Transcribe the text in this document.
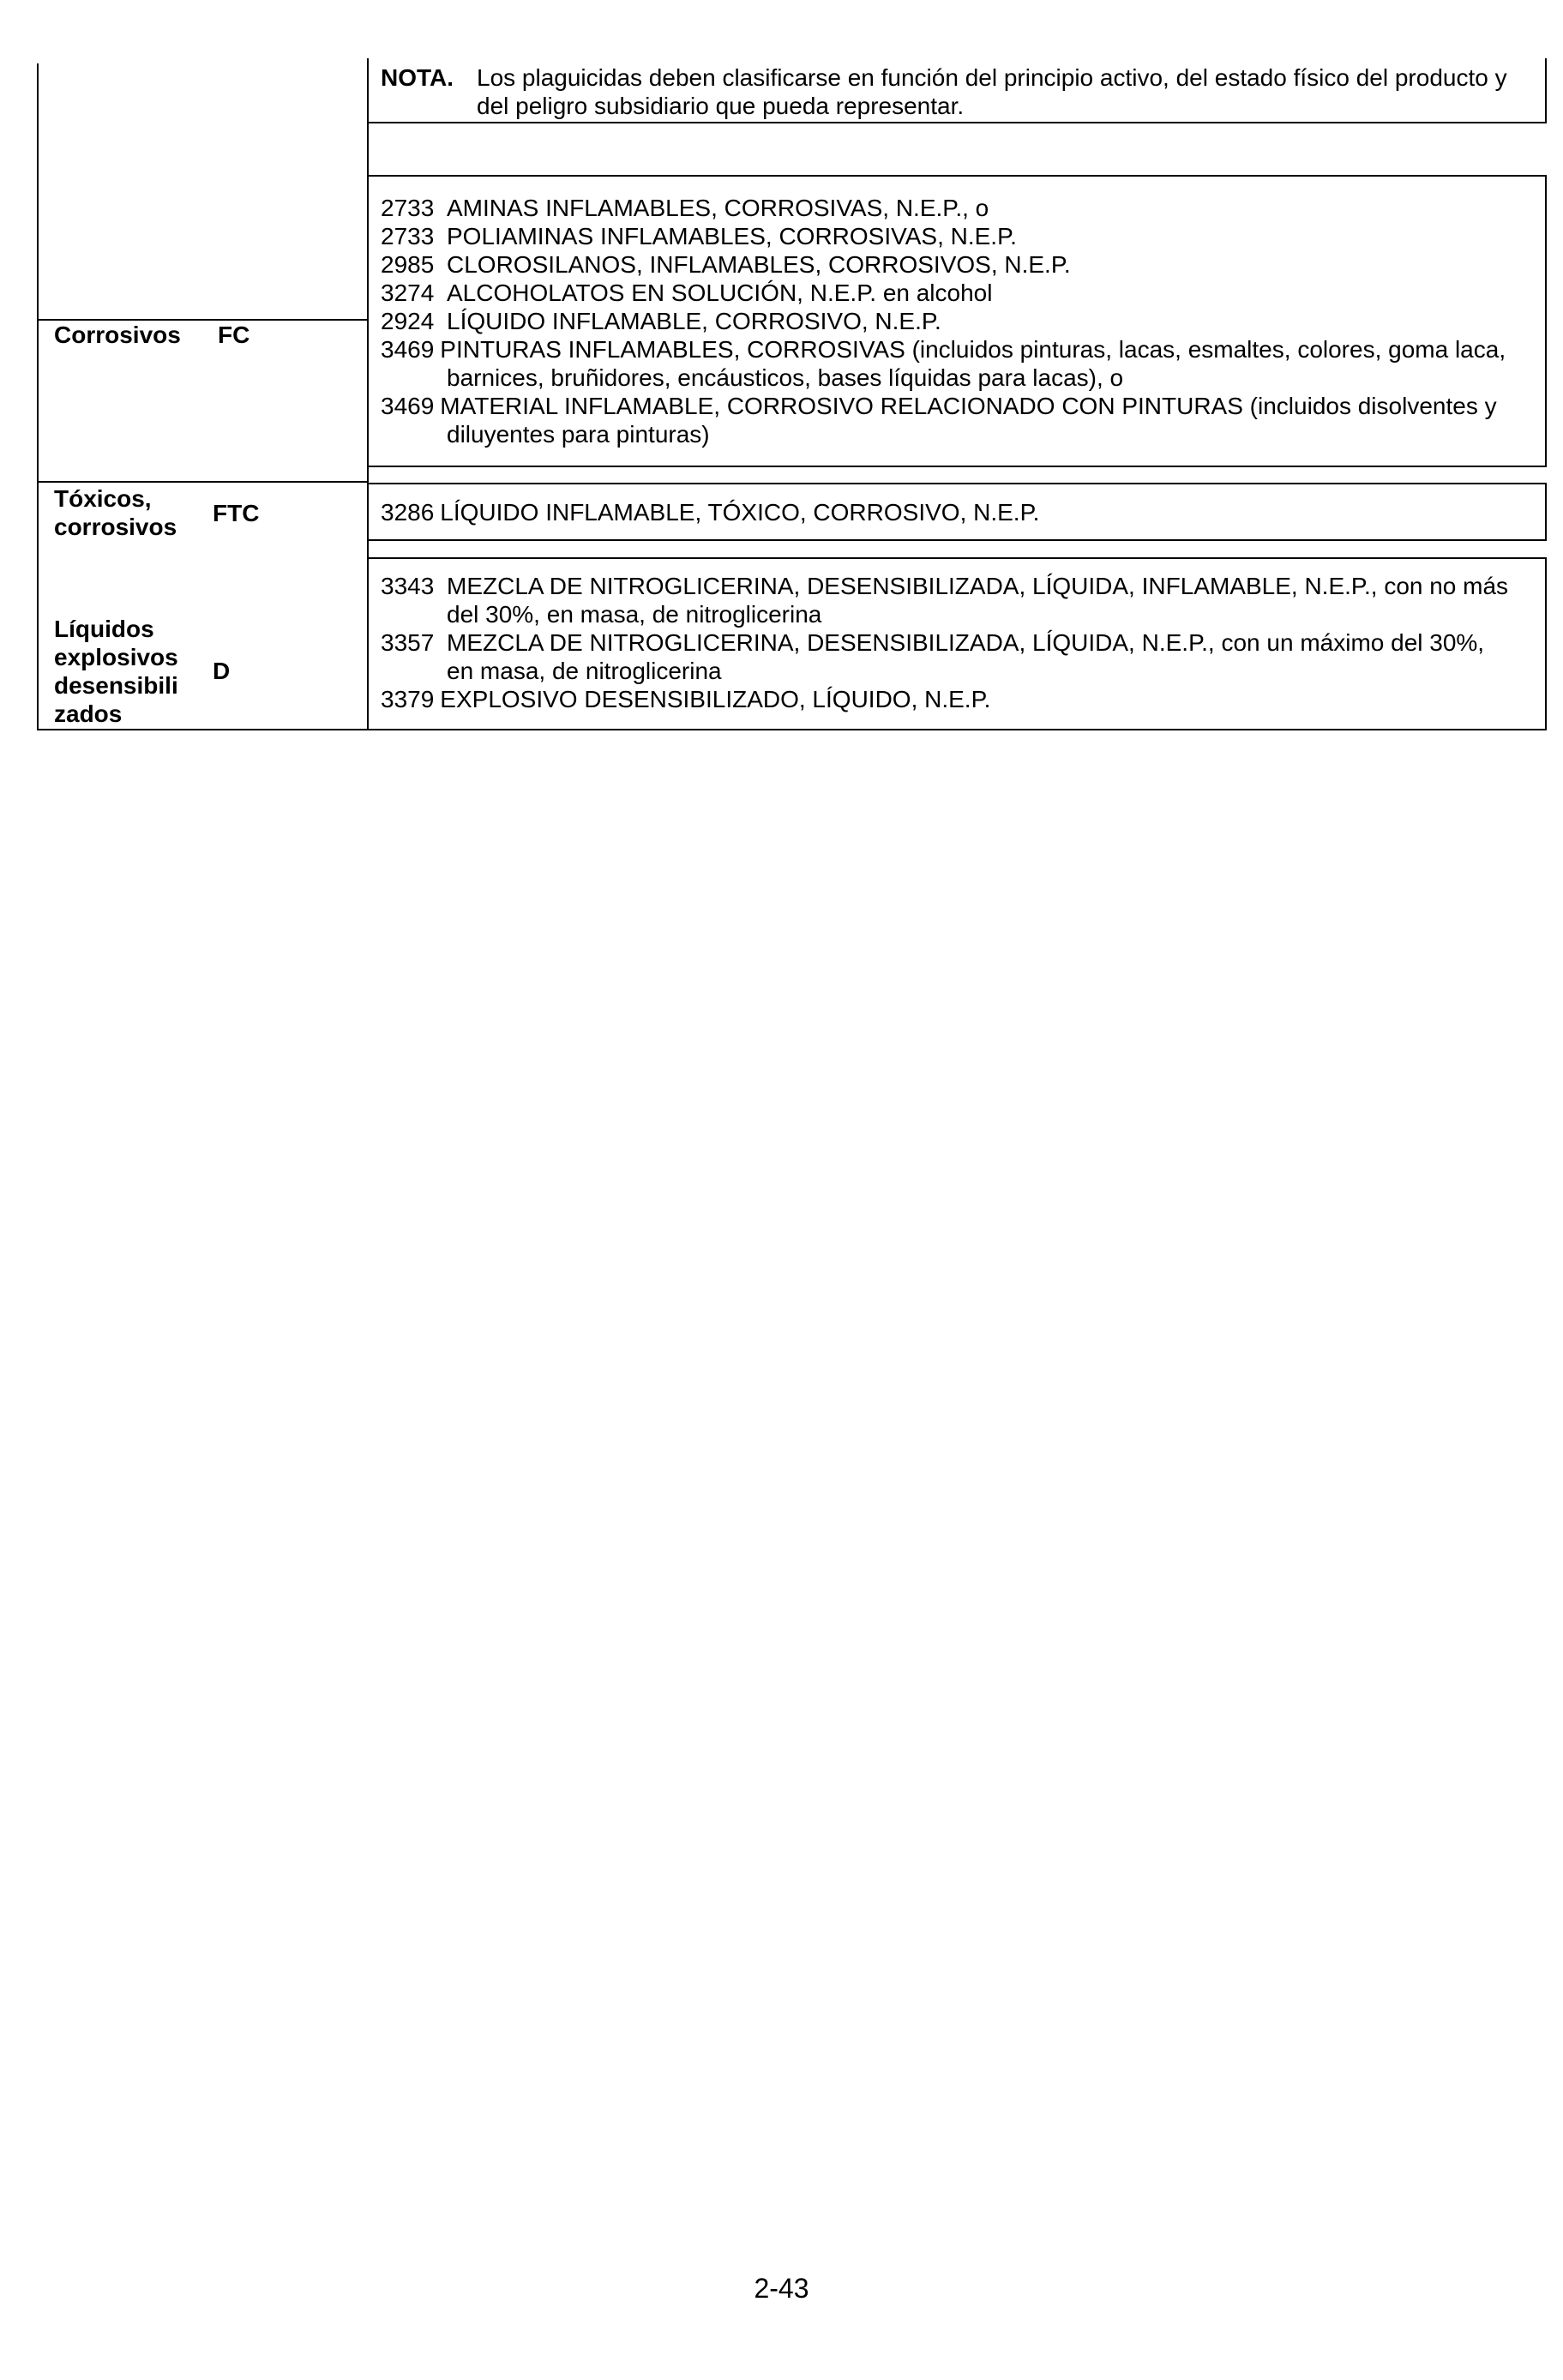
NOTA. Los plaguicidas deben clasificarse en función del principio activo, del estado físico del producto y del peligro subsidiario que pueda representar.
Corrosivos FC
2733 AMINAS INFLAMABLES, CORROSIVAS, N.E.P., o
2733 POLIAMINAS INFLAMABLES, CORROSIVAS, N.E.P.
2985 CLOROSILANOS, INFLAMABLES, CORROSIVOS, N.E.P.
3274 ALCOHOLATOS EN SOLUCIÓN, N.E.P. en alcohol
2924 LÍQUIDO INFLAMABLE, CORROSIVO, N.E.P.
3469 PINTURAS INFLAMABLES, CORROSIVAS (incluidos pinturas, lacas, esmaltes, colores, goma laca,
barnices, bruñidores, encáusticos, bases líquidas para lacas), o
3469 MATERIAL INFLAMABLE, CORROSIVO RELACIONADO CON PINTURAS (incluidos disolventes y
diluyentes para pinturas)
Tóxicos, corrosivos
FTC	3286 LÍQUIDO INFLAMABLE, TÓXICO, CORROSIVO, N.E.P.
Líquidos explosivos desensibili zados
D
3343 MEZCLA DE NITROGLICERINA, DESENSIBILIZADA, LÍQUIDA, INFLAMABLE, N.E.P., con no más
del 30%, en masa, de nitroglicerina
3357 MEZCLA DE NITROGLICERINA, DESENSIBILIZADA, LÍQUIDA, N.E.P., con un máximo del 30%,
en masa, de nitroglicerina
3379 EXPLOSIVO DESENSIBILIZADO, LÍQUIDO, N.E.P.
2-43
